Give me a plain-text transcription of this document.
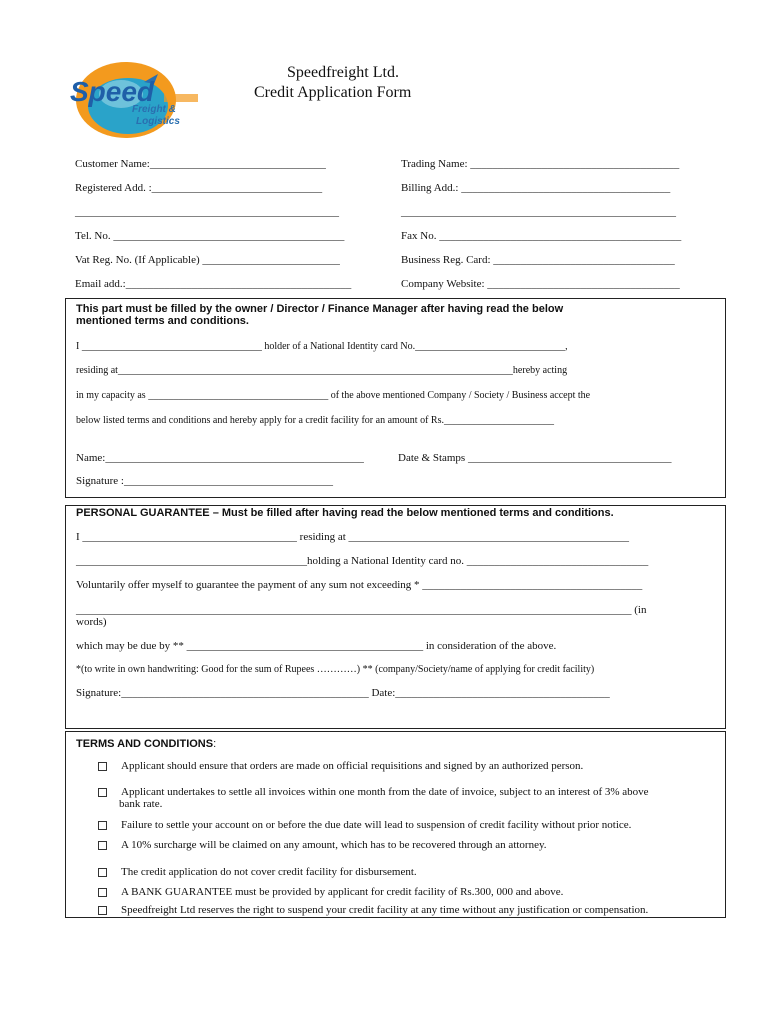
Speed
Freight &
Logistics
Speedfreight Ltd.
Credit Application Form
Customer Name:________________________________	Trading Name: ______________________________________
Registered Add. :_______________________________	Billing Add.: ______________________________________
________________________________________________	__________________________________________________
Tel. No. __________________________________________	Fax No. ____________________________________________
Vat Reg. No. (If Applicable) _________________________	Business Reg. Card: _________________________________
Email add.:_________________________________________	Company Website: ___________________________________
This part must be filled by the owner / Director / Finance Manager after having read the below
mentioned terms and conditions.
I ____________________________________ holder of a National Identity card No.______________________________,
residing at_______________________________________________________________________________hereby acting
in my capacity as ____________________________________ of the above mentioned Company / Society / Business accept the
below listed terms and conditions and hereby apply for a credit facility for an amount of Rs.______________________
Name:_______________________________________________	Date & Stamps _____________________________________
Signature :______________________________________
PERSONAL GUARANTEE – Must be filled after having read the below mentioned terms and conditions.
I _______________________________________ residing at ___________________________________________________
__________________________________________holding a National Identity card no. _________________________________
Voluntarily offer myself to guarantee the payment of any sum not exceeding * ________________________________________
_____________________________________________________________________________________________________ (in
words)
which may be due by ** ___________________________________________ in consideration of the above.
*(to write in own handwriting: Good for the sum of Rupees …………) ** (company/Society/name of applying for credit facility)
Signature:_____________________________________________ Date:_______________________________________
TERMS AND CONDITIONS:
Applicant should ensure that orders are made on official requisitions and signed by an authorized person.
Applicant undertakes to settle all invoices within one month from the date of invoice, subject to an interest of 3% above
bank rate.
Failure to settle your account on or before the due date will lead to suspension of credit facility without prior notice.
A 10% surcharge will be claimed on any amount, which has to be recovered through an attorney.
The credit application do not cover credit facility for disbursement.
A BANK GUARANTEE must be provided by applicant for credit facility of Rs.300, 000 and above.
Speedfreight Ltd reserves the right to suspend your credit facility at any time without any justification or compensation.
